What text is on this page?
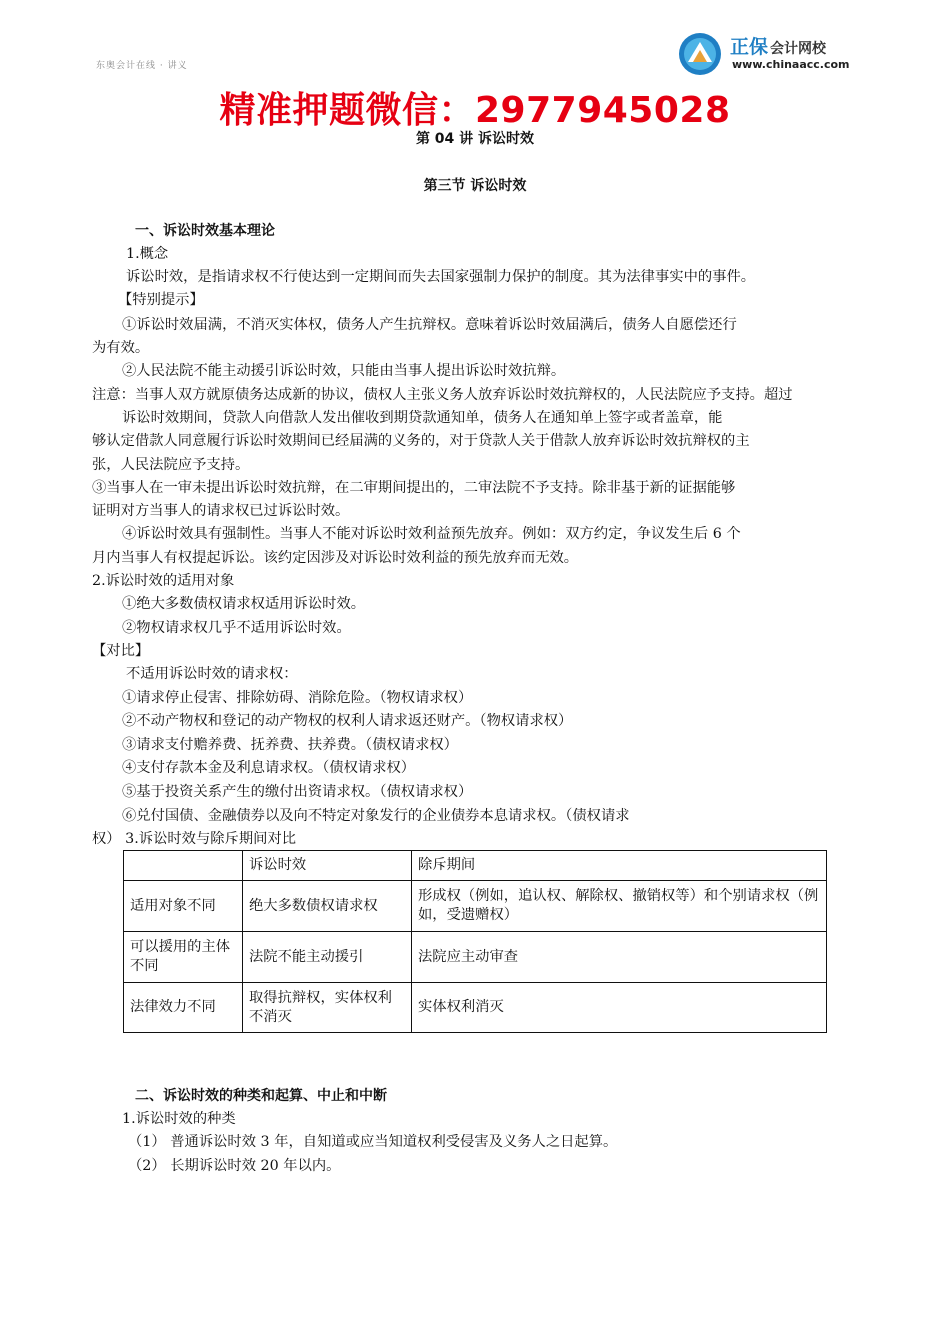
东奥会计在线 · 讲义
正保 会计网校
www.chinaacc.com
精准押题微信：2977945028
第 04 讲 诉讼时效
第三节 诉讼时效
一、诉讼时效基本理论
1.概念
诉讼时效，是指请求权不行使达到一定期间而失去国家强制力保护的制度。其为法律事实中的事件。
【特别提示】
①诉讼时效届满，不消灭实体权，债务人产生抗辩权。意味着诉讼时效届满后，债务人自愿偿还行
为有效。
②人民法院不能主动援引诉讼时效，只能由当事人提出诉讼时效抗辩。
注意：当事人双方就原债务达成新的协议，债权人主张义务人放弃诉讼时效抗辩权的，人民法院应予支持。超过
诉讼时效期间，贷款人向借款人发出催收到期贷款通知单，债务人在通知单上签字或者盖章，能
够认定借款人同意履行诉讼时效期间已经届满的义务的，对于贷款人关于借款人放弃诉讼时效抗辩权的主
张，人民法院应予支持。
③当事人在一审未提出诉讼时效抗辩，在二审期间提出的，二审法院不予支持。除非基于新的证据能够
证明对方当事人的请求权已过诉讼时效。
④诉讼时效具有强制性。当事人不能对诉讼时效利益预先放弃。例如：双方约定，争议发生后 6 个
月内当事人有权提起诉讼。该约定因涉及对诉讼时效利益的预先放弃而无效。
2.诉讼时效的适用对象
①绝大多数债权请求权适用诉讼时效。
②物权请求权几乎不适用诉讼时效。
【对比】
不适用诉讼时效的请求权：
①请求停止侵害、排除妨碍、消除危险。（物权请求权）
②不动产物权和登记的动产物权的权利人请求返还财产。（物权请求权）
③请求支付赡养费、抚养费、扶养费。（债权请求权）
④支付存款本金及利息请求权。（债权请求权）
⑤基于投资关系产生的缴付出资请求权。（债权请求权）
⑥兑付国债、金融债券以及向不特定对象发行的企业债券本息请求权。（债权请求
权） 3.诉讼时效与除斥期间对比
	诉讼时效	除斥期间
适用对象不同	绝大多数债权请求权	形成权（例如，追认权、解除权、撤销权等）和个别请求权（例如，受遗赠权）
可以援用的主体不同	法院不能主动援引	法院应主动审查
法律效力不同	取得抗辩权，实体权利不消灭	实体权利消灭
二、诉讼时效的种类和起算、中止和中断
1.诉讼时效的种类
（1） 普通诉讼时效 3 年，自知道或应当知道权利受侵害及义务人之日起算。
（2） 长期诉讼时效 20 年以内。
